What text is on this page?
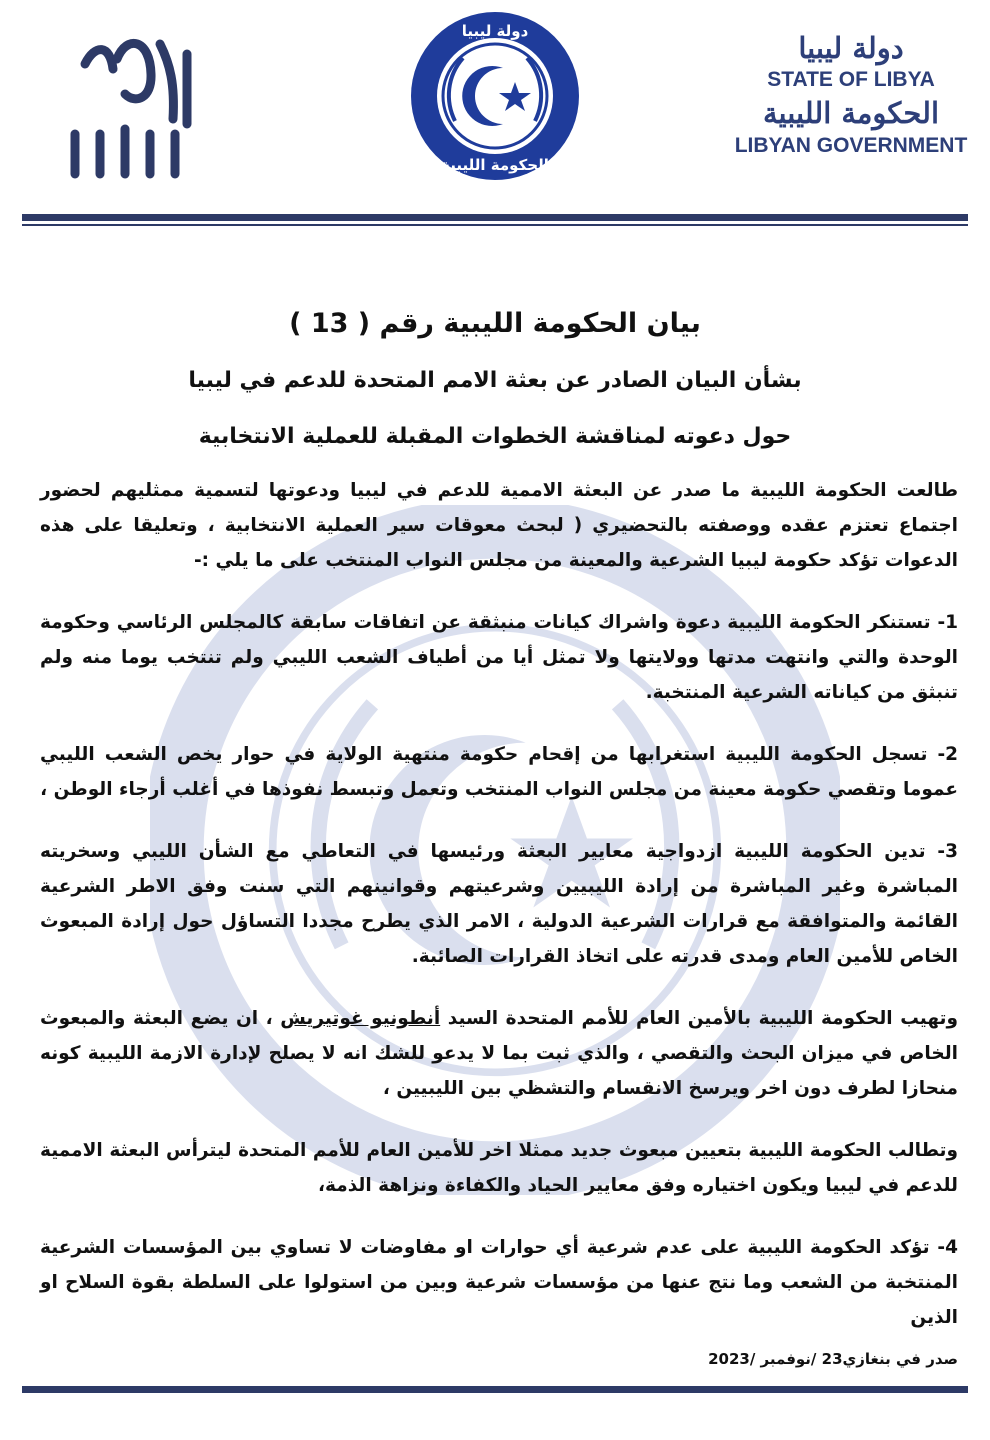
بيان
دولة ليبيا
الحكومة الليبية
دولة ليبيا
STATE OF LIBYA
الحكومة الليبية
LIBYAN GOVERNMENT
بيان الحكومة الليبية رقم ( 13 )
بشأن البيان الصادر عن بعثة الامم المتحدة للدعم في ليبيا
حول دعوته لمناقشة الخطوات المقبلة للعملية الانتخابية

طالعت الحكومة الليبية ما صدر عن البعثة الاممية للدعم في ليبيا ودعوتها لتسمية ممثليهم لحضور اجتماع تعتزم عقده ووصفته بالتحضيري ( لبحث معوقات سير العملية الانتخابية ، وتعليقا على هذه الدعوات تؤكد حكومة ليبيا الشرعية والمعينة من مجلس النواب المنتخب على ما يلي :-

1- تستنكر الحكومة الليبية دعوة واشراك كيانات منبثقة عن اتفاقات سابقة كالمجلس الرئاسي وحكومة الوحدة والتي وانتهت مدتها وولايتها ولا تمثل أيا من أطياف الشعب الليبي ولم تنتخب يوما منه ولم تنبثق من كياناته الشرعية المنتخبة.

2- تسجل الحكومة الليبية استغرابها من إقحام حكومة منتهية الولاية في حوار يخص الشعب الليبي عموما وتقصي حكومة معينة من مجلس النواب المنتخب وتعمل وتبسط نفوذها في أغلب أرجاء الوطن ،

3- تدين الحكومة الليبية ازدواجية معايير البعثة ورئيسها في التعاطي مع الشأن الليبي وسخريته المباشرة وغير المباشرة من إرادة الليبيين وشرعيتهم وقوانينهم التي سنت وفق الاطر الشرعية القائمة والمتوافقة مع قرارات الشرعية الدولية ، الامر الذي يطرح مجددا التساؤل حول إرادة المبعوث الخاص للأمين العام ومدى قدرته على اتخاذ القرارات الصائبة.

وتهيب الحكومة الليبية بالأمين العام للأمم المتحدة السيد أنطونيو غوتيريش ، ان يضع البعثة والمبعوث الخاص في ميزان البحث والتقصي ، والذي ثبت بما لا يدعو للشك انه لا يصلح لإدارة الازمة الليبية كونه منحازا لطرف دون اخر ويرسخ الانقسام والتشظي بين الليبيين ،

وتطالب الحكومة الليبية بتعيين مبعوث جديد ممثلا اخر للأمين العام للأمم المتحدة ليترأس البعثة الاممية للدعم في ليبيا ويكون اختياره وفق معايير الحياد والكفاءة ونزاهة الذمة،

4- تؤكد الحكومة الليبية على عدم شرعية أي حوارات او مفاوضات لا تساوي بين المؤسسات الشرعية المنتخبة من الشعب وما نتج عنها من مؤسسات شرعية وبين من استولوا على السلطة بقوة السلاح او الذين

صدر في بنغازي23 /نوفمبر /2023
